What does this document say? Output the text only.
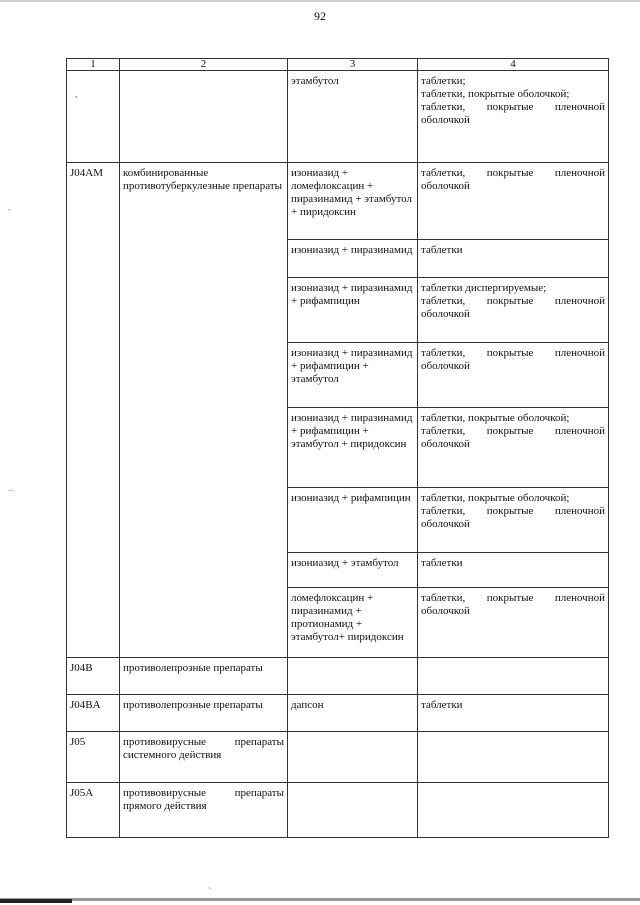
92
1	2	3	4
		этамбутол	таблетки;
таблетки, покрытые оболочкой;
таблетки, покрытые пленочной оболочкой

J04AM	комбинированные противотуберкулезные препараты	изониазид + ломефлоксацин + пиразинамид + этамбутол + пиридоксин	таблетки, покрытые пленочной оболочкой

		изониазид + пиразинамид	таблетки

		изониазид + пиразинамид + рифампицин	таблетки диспергируемые;
таблетки, покрытые пленочной оболочкой

		изониазид + пиразинамид + рифампицин + этамбутол	таблетки, покрытые пленочной оболочкой

		изониазид + пиразинамид + рифампицин + этамбутол + пиридоксин	таблетки, покрытые оболочкой;
таблетки, покрытые пленочной оболочкой

		изониазид + рифампицин	таблетки, покрытые оболочкой;
таблетки, покрытые пленочной оболочкой

		изониазид + этамбутол	таблетки

		ломефлоксацин + пиразинамид + протионамид + этамбутол+ пиридоксин	таблетки, покрытые пленочной оболочкой

J04B	противолепрозные препараты		
J04BA	противолепрозные препараты	дапсон	таблетки

J05	противовирусные препараты системного действия		
J05A	противовирусные препараты прямого действия		
,
-
..
`
